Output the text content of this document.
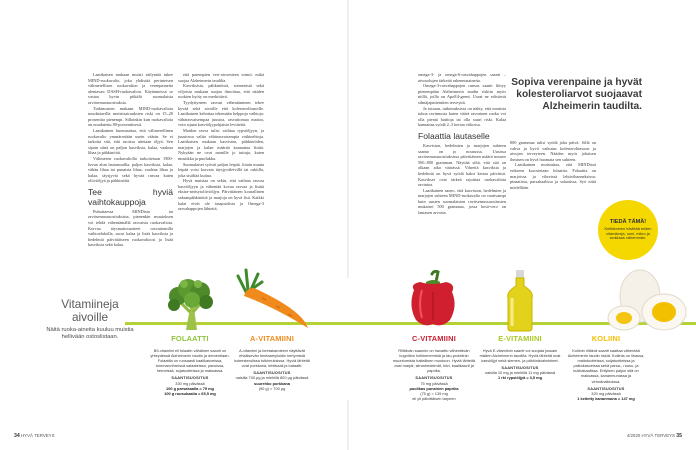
Laatikaisen mukaan muisti säilyntää tukee MIND-ruokavalio, joka yhdistää perinteisen välimerellisen ruokavalion ja verenpainetta alentavan DASH-ruokavalion. Käytännössä se vastaa hyvin pitkälti suomalaisia ravitsemussuosituksia.

Tutkimusten mukaan MIND-ruokavaliota noudattavilla muistisairauksien riski on 15–20 prosenttia pienempi. Silloinkin kun ruokavaliota on noudatettu 80-prosenttisesti.

Laatikainen huomauttaa, että välimerellinen ruokavalio ymmärretään usein väärin. Se ei tarkoita sitä, että ruoissa uitetaan öljyä. Sen sijaan siinä on paljon kasviksia, kalaa, vaaleaa lihaa ja pähkinöitä.

Välimeren ruokavaliolla tarkoitetaan 1900-luvun alun lautasmallia, paljon kasviksia, kalaa, vähän lihaa tai punaista lihaa, vaaleaa lihaa ja kalaa, täysjyviä sekä hyvää rasvaa kuten oliiviöljyä ja pähkinöitä.

Tee hyviä vaihtokauppoja

Puhuttaessa MINDista tai ravitsemussuosituksista, pienenkin muutoksen voi tehdä vähentämällä rasvaisia ruokavaliota. Korvaa täysmaitotuotteet rasvattomilla vaihtoehdoilla, suosi kalaa ja lisää kasviksia ja hedelmiä päivittäiseen ruokavalioosi ja lisää kasviksia sekä kalaa.

että parempien veri-aivoesteen toimii. mikä suojaa Alzheimerin taudilta.

Kasviksista, pähkinöistä, siemenistä sekä viljoista mukaan suojaa ilmoittaa, että näiden ruokien hyöty on merkittävä.

Tyydyttyneen rasvan vähentäminen tekee hyvää sekä aivoille että kolesterolitasoille. Laatikainen kehottaa tekemään helppoja vaihtoja: vähärasvaisempaa juustoa, rasvattomaa maitoa, voin sijaan kasviöljypohjaisia levitteitä.

Maidon rasva tulisi vaihtaa rypsiöljyyn, ja juustossa valita vähärasvaisempia vaihtoehtoja. Laatikaisen mukaan kasvisten, pähkinöiden, marjojen ja kalan määrää kannattaa lisätä. Nykyään ne ovat monille jo tuttuja, kuten mustikka ja puolukka.

Suomalaiset syövät paljon leipää. Jotain muuta leipää voisi korvata täysjyväleivillä tai rukiilla, joka sisältää kuitua.

Hyvä muistaa on sekin, että vaihtaa rasvaa kasviöljyyn ja vähentää kovaa rasvaa ja lisätä ekstra-neitsytoliiviöljyn. Päivittäinen kourallinen saksanpähkinöitä ja marjoja on hyvä lisä. Kaikki kalat eivät ole tasapuolisia ja Omega-3 rasvahappojen lähteitä.

omega-3- ja omega-6-rasvahappojen saanti – aivosolujen tärkeitä rakennusaineita.

Omega-3-rasvahappojen runsas saanti liittyy pienempään Alzheimerin taudin riskiin myös niillä, joilla on ApoE4-geeni. Useat ne edistävät silmäjapatienttien terveyttä.

Ja toisaan, tutkimuksissa on nähty, että monista tuhoa ravinnosta kuten väärä rasvainen ruoka voi olla pieniä haittoja tai olla suuri riski. Kalaa kannattaa syödä 2–3 kertaa viikossa.

Folaattia lautaselle

Kasviston, hedelmien ja marjojen suhteen saanto on jo nousussa. Uusissa ravitsemussuosituksissa päivittäinen määrä nousee 500–800 gramman. Näyttää siltä, että sitä on olkaan aika väärässä. Vihreitä kasviksia ja hedelmiä on hyvä syödä kaksi kertaa päivässä. Kasvikset ovat tärkeä rajoittaa ruokavaliota ravintoa.

Laatikainen saneo, että kasviston, hedelmien ja marjojen suhteen MIND-ruokavalio on vaativampi kuin uusien suomalaisten ravitsemussuositusten mukaiset 500 grammaa, jossa kesä-vero on lautasen arvosta.

Sopiva verenpaine ja hyvät kolesteroliarvot suojaavat Alzheimerin taudilta.

800 grammaa tulisi syödä joka päivä. Sillä on vahva ja hyvä vaikutus kolesterolitasoon ja aivojen terveyteen. Nääden myös jokaisen ihmisen on hyvä huomata sen suhteen.

Laatikainen muistuttaa, että MINDissä erikseen korostetaan folaattia. Folaattia on marjoissa ja vihreissä lehtivihanneksissa: pinaatissa, parsakaalissa ja salaatissa. Syö niitä mielellään.

TIEDÄ TÄMÄ!
Keittäminen hävittää eniten vitamiineja, uuni, mikro ja wokkaus vähemmän.
Vitamiineja aivoille
Näitä ruoka-aineita kuuluu muistia hellivään ostoslistaan.	FOLAATTI
B9-vitamiini eli folaatin vähäinen saanti on yhteydessä Alzheimerin taudin ja dementiaan. Folaattia on runsaasti kaalikasveissa, tummanvihreissä salaateissa, pavuissa, herneissä, sojatuotteissa ja maksassa.
SAANTISUOSITUS
330 mg päivässä
100 g parsakaalia = 79 mg
100 g ruusukaalia = 65,5 mg
A-VITAMIINI
A-vitamiini ja beetakaroteeni näyttävät ehkäisevän beetaamyloidin kertymistä koleesterolissa tutkimuksissa. Hyviä lähteitä ovat porkkana, lehtikaali ja bataatti.
SAANTISUOSITUS
naisilla 700 μg ja miehillä 800 μg päivässä
suurehko porkkana
(90 g) = 700 μg
C-VITAMIINI
Riittävän saannin on havaittu vähentävän kognition heikkenemistä ja tau-proteiinin muuntumista haitallisen muotoon. Hyviä lähteitä ovat marjat, sitrushedelmät, kiivi, kaalikasvit ja paprika.
SAANTISUOSITUS
75 mg päivässä
puolikas punainen paprika
(75 g) = 139 mg
eli yli päivittäisen tarpeen
E-VITAMIINI
Hyvä E-vitamiinin saanti voi suojata jossain määrin Alzheimerin taudilta. Hyviä lähteitä ovat kasviöljyt sekä siemen- ja pähkinävalmisteet.
SAANTISUOSITUS
naisilla 10 mg ja miehillä 11 mg päivässä
1 rkl rypsiöljyä = 3,5 mg
KOLIINI
Koliinin riittävä saanti saattaa vähentää Alzheimerin taudin riskiä. Koliinia on lihassa, maitotuotteissa, soijatuotteissa ja palkokasveissa sekä parsa-, ruusu- ja kukkakaalissa. Erityisen paljon sitä on maksassa, kananmunassa ja vehnänalkioissa.
SAANTISUOSITUS
320 mg päivässä
1 keitetty kananmuna = 147 mg
34 HYVÄ TERVEYS	4/2020 HYVÄ TERVEYS 35
